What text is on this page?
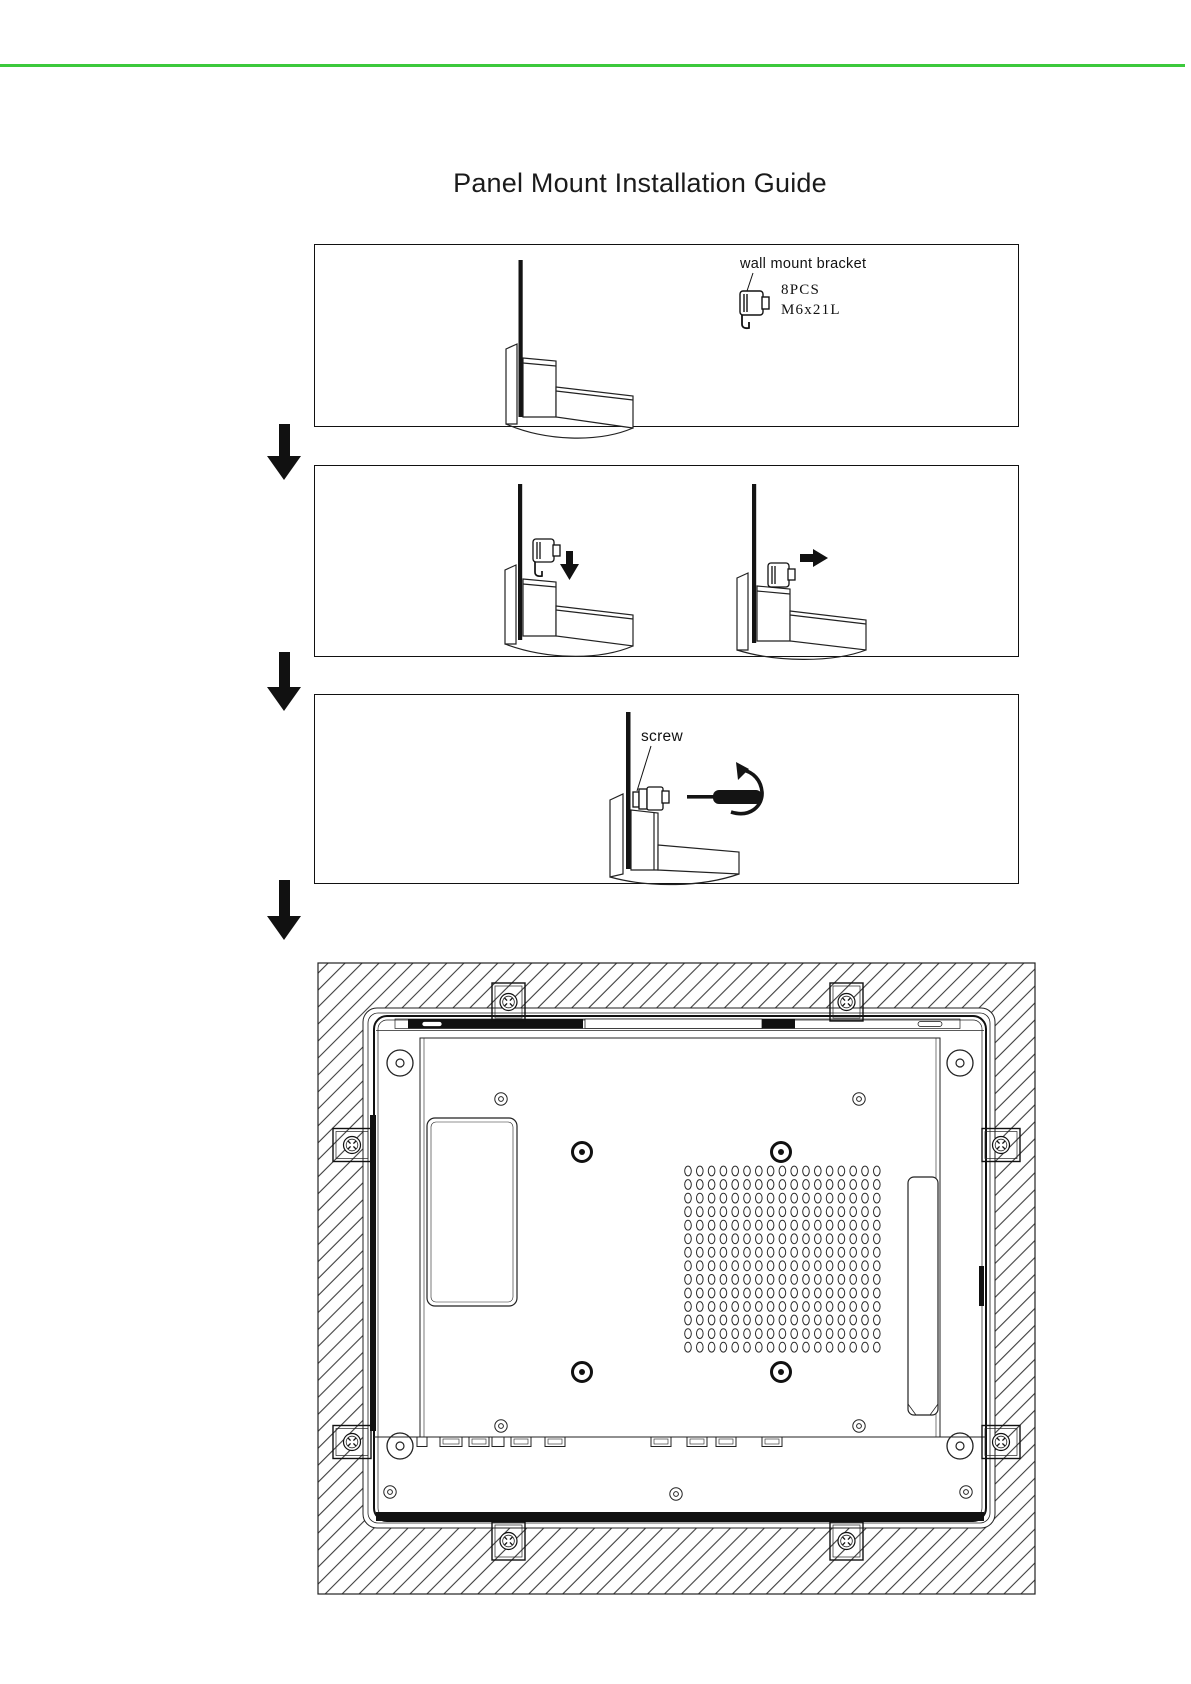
Panel Mount Installation Guide
wall mount bracket
8PCS
M6x21L
screw
